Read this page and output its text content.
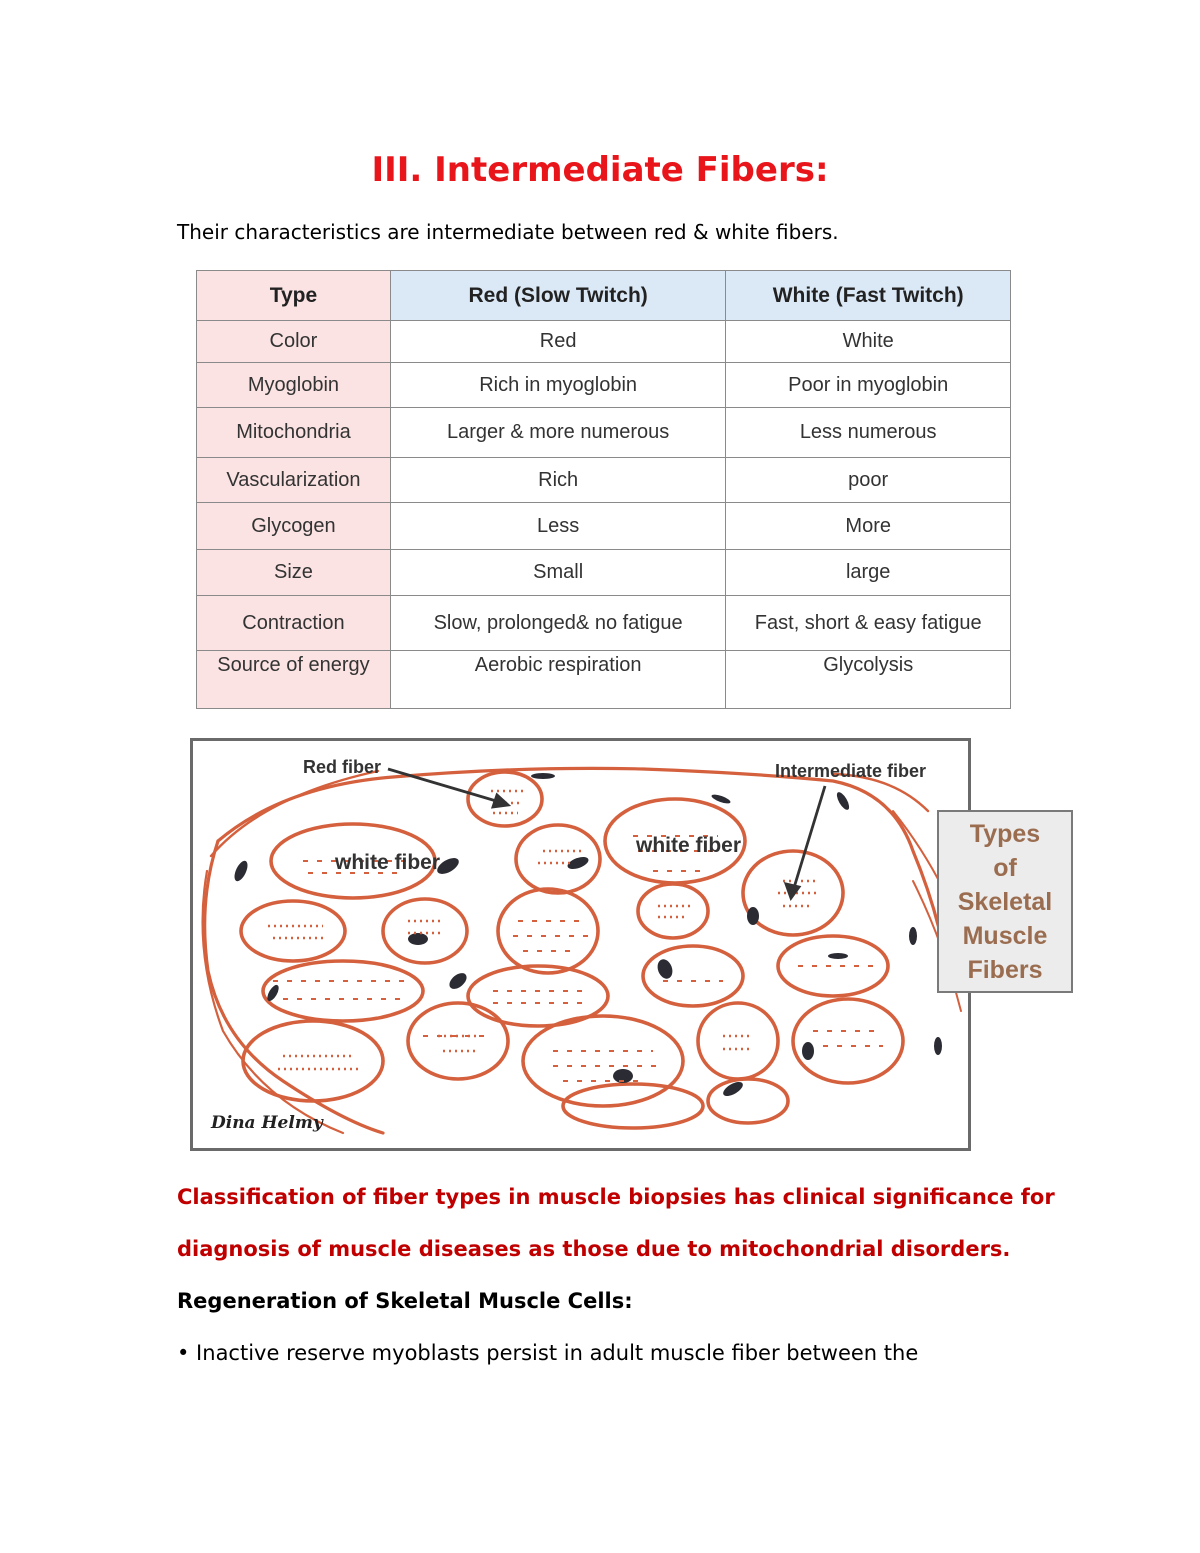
III. Intermediate Fibers:

Their characteristics are intermediate between red & white fibers.

Type	Red (Slow Twitch)	White (Fast Twitch)
Color	Red	White
Myoglobin	Rich in myoglobin	Poor in myoglobin
Mitochondria	Larger & more numerous	Less numerous
Vascularization	Rich	poor
Glycogen	Less	More
Size	Small	large
Contraction	Slow, prolonged& no fatigue	Fast, short & easy fatigue
Source of energy	Aerobic respiration	Glycolysis
Red fiber	Intermediate fiber
white fiber
white fiber
Dina Helmy
Types
of
Skeletal
Muscle
Fibers

Classification of fiber types in muscle biopsies has clinical significance for

diagnosis of muscle diseases as those due to mitochondrial disorders.

Regeneration of Skeletal Muscle Cells:

• Inactive reserve myoblasts persist in adult muscle fiber between the
